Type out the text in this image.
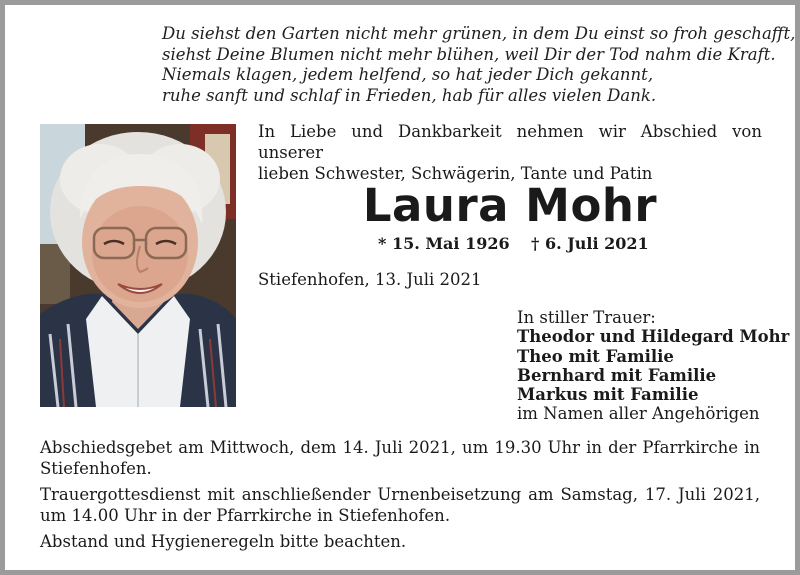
Du siehst den Garten nicht mehr grünen, in dem Du einst so froh geschafft,
siehst Deine Blumen nicht mehr blühen, weil Dir der Tod nahm die Kraft.
Niemals klagen, jedem helfend, so hat jeder Dich gekannt,
ruhe sanft und schlaf in Frieden, hab für alles vielen Dank.
In Liebe und Dankbarkeit nehmen wir Abschied von unserer
lieben Schwester, Schwägerin, Tante und Patin
Laura Mohr
* 15. Mai 1926 † 6. Juli 2021
Stiefenhofen, 13. Juli 2021
In stiller Trauer:
Theodor und Hildegard Mohr
Theo mit Familie
Bernhard mit Familie
Markus mit Familie
im Namen aller Angehörigen

Abschiedsgebet am Mittwoch, dem 14. Juli 2021, um 19.30 Uhr in der Pfarrkirche in Stiefenhofen.

Trauergottesdienst mit anschließender Urnenbeisetzung am Samstag, 17. Juli 2021, um 14.00 Uhr in der Pfarrkirche in Stiefenhofen.

Abstand und Hygieneregeln bitte beachten.
